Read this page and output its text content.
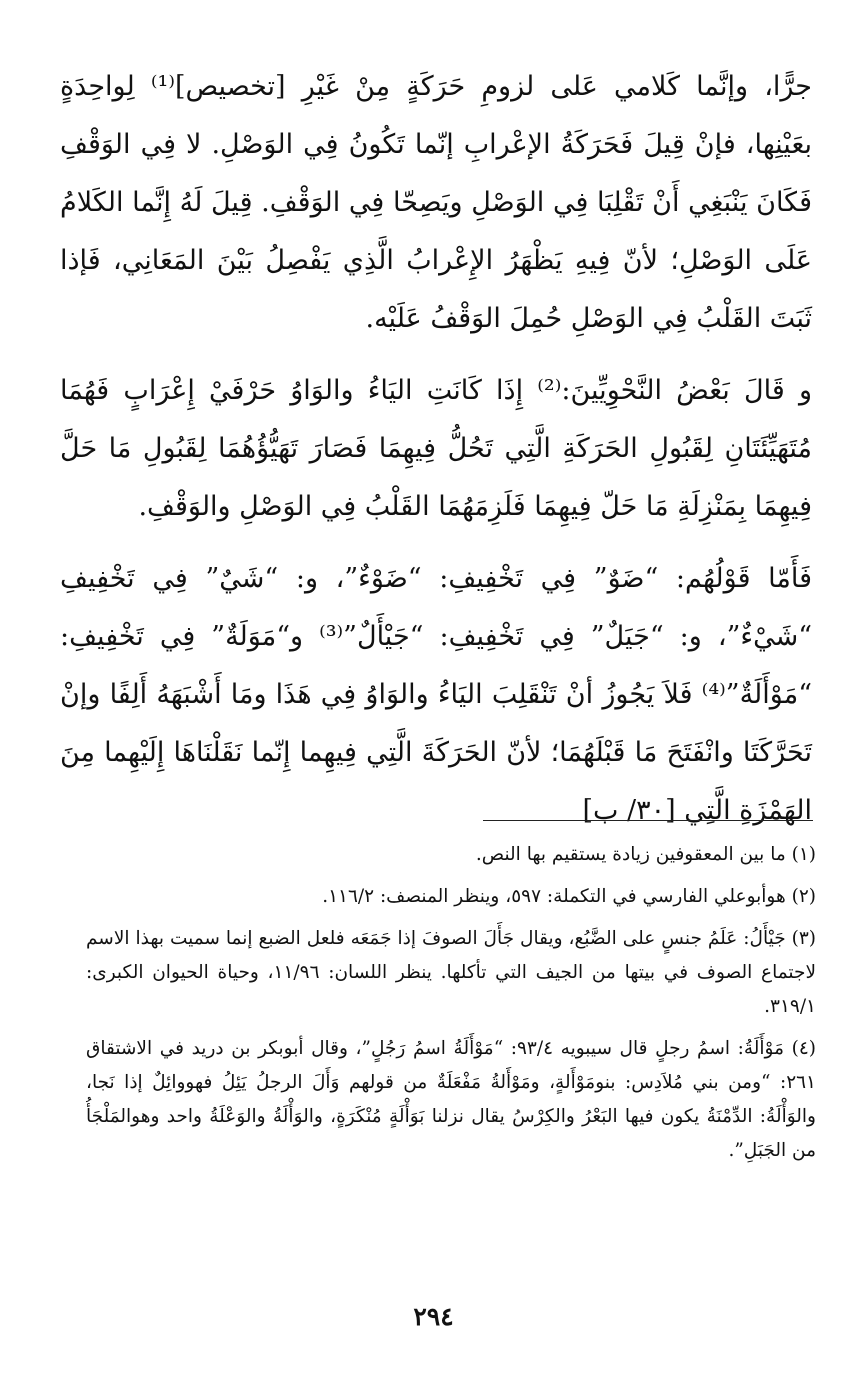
جرًّا، وإنَّما كَلامي عَلى لزومِ حَرَكَةٍ مِنْ غَيْرِ [تخصيص]⁽¹⁾ لِواحِدَةٍ بعَيْنِها، فإنْ قِيلَ فَحَرَكَةُ الإعْرابِ إنّما تَكُونُ فِي الوَصْلِ. لا فِي الوَقْفِ فَكَانَ يَنْبَغِي أَنْ تَقْلِبَا فِي الوَصْلِ ويَصِحّا فِي الوَقْفِ. قِيلَ لَهُ إِنَّما الكَلامُ عَلَى الوَصْلِ؛ لأنّ فِيهِ يَظْهَرُ الإِعْرابُ الَّذِي يَفْصِلُ بَيْنَ المَعَانِي، فَإذا ثَبَتَ القَلْبُ فِي الوَصْلِ حُمِلَ الوَقْفُ عَلَيْه.

و قَالَ بَعْضُ النَّحْوِيِّينَ:⁽²⁾ إِذَا كَانَتِ اليَاءُ والوَاوُ حَرْفَيْ إِعْرَابٍ فَهُمَا مُتَهَيِّئَتَانِ لِقَبُولِ الحَرَكَةِ الَّتِي تَحُلُّ فِيهِمَا فَصَارَ تَهَيُّؤُهُمَا لِقَبُولِ مَا حَلَّ فِيهِمَا بِمَنْزِلَةِ مَا حَلّ فِيهِمَا فَلَزِمَهُمَا القَلْبُ فِي الوَصْلِ والوَقْفِ.

فَأَمّا قَوْلُهُم: “ضَوٌ” فِي تَخْفِيفِ: “ضَوْءٌ”، و: “شَيٌ” فِي تَخْفِيفِ “شَيْءٌ”، و: “جَيَلٌ” فِي تَخْفِيفِ: “جَيْأَلٌ”⁽³⁾ و“مَوَلَةٌ” فِي تَخْفِيفِ: “مَوْأَلَةٌ”⁽⁴⁾ فَلاَ يَجُوزُ أنْ تَنْقَلِبَ اليَاءُ والوَاوُ فِي هَذَا ومَا أَشْبَهَهُ أَلِفًا وإنْ تَحَرَّكَتَا وانْفَتَحَ مَا قَبْلَهُمَا؛ لأنّ الحَرَكَةَ الَّتِي فِيهِما إِنّما نَقَلْنَاهَا إِلَيْهِما مِنَ الهَمْزَةِ الَّتِي [٣٠/ ب]

(١) ما بين المعقوفين زيادة يستقيم بها النص.

(٢) هوأبوعلي الفارسي في التكملة: ٥٩٧، وينظر المنصف: ١١٦/٢.

(٣) جَيْأَلُ: عَلَمُ جنسٍ على الضَّبُع، ويقال جَأَلَ الصوفَ إذا جَمَعَه فلعل الضبع إنما سميت بهذا الاسم لاجتماع الصوف في بيتها من الجيف التي تأكلها. ينظر اللسان: ١١/٩٦، وحياة الحيوان الكبرى: ٣١٩/١.

(٤) مَوْأَلَةُ: اسمُ رجلٍ قال سيبويه ٩٣/٤: “مَوْأَلَةُ اسمُ رَجُلٍ”، وقال أبوبكر بن دريد في الاشتقاق ٢٦١: “ومن بني مُلاَدِس: بنومَوْأَلةٍ، ومَوْأَلةُ مَفْعَلَةٌ من قولهم وَأَلَ الرجلُ يَئِلُ فهووائِلٌ إذا نَجا، والوَأْلَةُ: الدِّمْنَةُ يكون فيها البَعْرُ والكِرْسُ يقال نزلنا بَوَأْلَةٍ مُنْكَرَةٍ، والوَأْلَةُ والوَعْلَةُ واحد وهوالمَلْجَأُ من الجَبَلِ”.

٢٩٤
